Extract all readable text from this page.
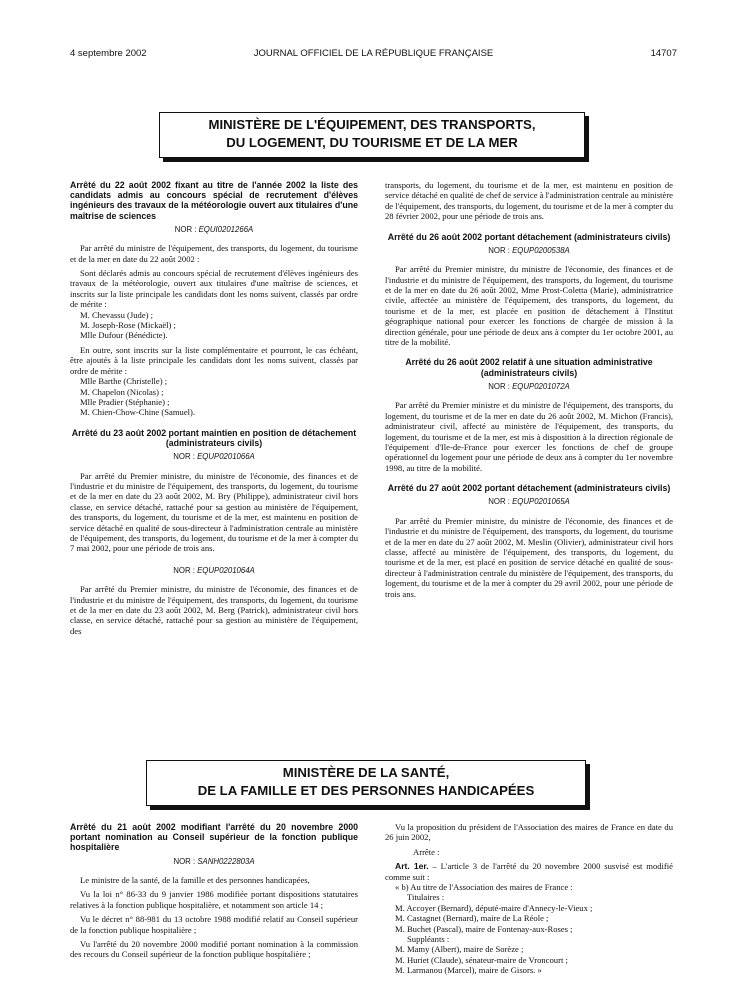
4 septembre 2002	JOURNAL OFFICIEL DE LA RÉPUBLIQUE FRANÇAISE	14707
MINISTÈRE DE L'ÉQUIPEMENT, DES TRANSPORTS,
DU LOGEMENT, DU TOURISME ET DE LA MER
Arrêté du 22 août 2002 fixant au titre de l'année 2002 la liste des candidats admis au concours spécial de recrutement d'élèves ingénieurs des travaux de la météorologie ouvert aux titulaires d'une maîtrise de sciences
NOR : EQUI0201266A

Par arrêté du ministre de l'équipement, des transports, du logement, du tourisme et de la mer en date du 22 août 2002 :

Sont déclarés admis au concours spécial de recrutement d'élèves ingénieurs des travaux de la météorologie, ouvert aux titulaires d'une maîtrise de sciences, et inscrits sur la liste principale les candidats dont les noms suivent, classés par ordre de mérite :

M. Chevassu (Jude) ;

M. Joseph-Rose (Mickaël) ;

Mlle Dufour (Bénédicte).

En outre, sont inscrits sur la liste complémentaire et pourront, le cas échéant, être ajoutés à la liste principale les candidats dont les noms suivent, classés par ordre de mérite :

Mlle Barthe (Christelle) ;

M. Chapelon (Nicolas) ;

Mlle Pradier (Stéphanie) ;

M. Chien-Chow-Chine (Samuel).

Arrêté du 23 août 2002 portant maintien en position de détachement (administrateurs civils)
NOR : EQUP0201066A

Par arrêté du Premier ministre, du ministre de l'économie, des finances et de l'industrie et du ministre de l'équipement, des transports, du logement, du tourisme et de la mer en date du 23 août 2002, M. Bry (Philippe), administrateur civil hors classe, en service détaché, rattaché pour sa gestion au ministère de l'équipement, des transports, du logement, du tourisme et de la mer, est maintenu en position de service détaché en qualité de sous-directeur à l'administration centrale au ministère de l'équipement, des transports, du logement, du tourisme et de la mer à compter du 7 mai 2002, pour une période de trois ans.

NOR : EQUP0201064A

Par arrêté du Premier ministre, du ministre de l'économie, des finances et de l'industrie et du ministre de l'équipement, des transports, du logement, du tourisme et de la mer en date du 23 août 2002, M. Berg (Patrick), administrateur civil hors classe, en service détaché, rattaché pour sa gestion au ministère de l'équipement, des

transports, du logement, du tourisme et de la mer, est maintenu en position de service détaché en qualité de chef de service à l'administration centrale au ministère de l'équipement, des transports, du logement, du tourisme et de la mer à compter du 28 février 2002, pour une période de trois ans.

Arrêté du 26 août 2002 portant détachement (administrateurs civils)
NOR : EQUP0200538A

Par arrêté du Premier ministre, du ministre de l'économie, des finances et de l'industrie et du ministre de l'équipement, des transports, du logement, du tourisme et de la mer en date du 26 août 2002, Mme Prost-Coletta (Marie), administratrice civile, affectée au ministère de l'équipement, des transports, du logement, du tourisme et de la mer, est placée en position de détachement à l'Institut géographique national pour exercer les fonctions de chargée de mission à la direction générale, pour une période de deux ans à compter du 1er octobre 2001, au titre de la mobilité.

Arrêté du 26 août 2002 relatif à une situation administrative (administrateurs civils)
NOR : EQUP0201072A

Par arrêté du Premier ministre et du ministre de l'équipement, des transports, du logement, du tourisme et de la mer en date du 26 août 2002, M. Michon (Francis), administrateur civil, affecté au ministère de l'équipement, des transports, du logement, du tourisme et de la mer, est mis à disposition à la direction régionale de l'équipement d'Ile-de-France pour exercer les fonctions de chef de groupe opérationnel du logement pour une période de deux ans à compter du 1er novembre 1998, au titre de la mobilité.

Arrêté du 27 août 2002 portant détachement (administrateurs civils)
NOR : EQUP0201065A

Par arrêté du Premier ministre, du ministre de l'économie, des finances et de l'industrie et du ministre de l'équipement, des transports, du logement, du tourisme et de la mer en date du 27 août 2002, M. Meslin (Olivier), administrateur civil hors classe, affecté au ministère de l'équipement, des transports, du logement, du tourisme et de la mer, est placé en position de service détaché en qualité de sous-directeur à l'administration centrale du ministère de l'équipement, des transports, du logement, du tourisme et de la mer à compter du 29 avril 2002, pour une période de trois ans.

MINISTÈRE DE LA SANTÉ,
DE LA FAMILLE ET DES PERSONNES HANDICAPÉES
Arrêté du 21 août 2002 modifiant l'arrêté du 20 novembre 2000 portant nomination au Conseil supérieur de la fonction publique hospitalière
NOR : SANH0222803A

Le ministre de la santé, de la famille et des personnes handicapées,

Vu la loi n° 86-33 du 9 janvier 1986 modifiée portant dispositions statutaires relatives à la fonction publique hospitalière, et notamment son article 14 ;

Vu le décret n° 88-981 du 13 octobre 1988 modifié relatif au Conseil supérieur de la fonction publique hospitalière ;

Vu l'arrêté du 20 novembre 2000 modifié portant nomination à la commission des recours du Conseil supérieur de la fonction publique hospitalière ;

Vu la proposition du président de l'Association des maires de France en date du 26 juin 2002,

Arrête :

Art. 1er. – L'article 3 de l'arrêté du 20 novembre 2000 susvisé est modifié comme suit :

« b) Au titre de l'Association des maires de France :

Titulaires :

M. Accoyer (Bernard), député-maire d'Annecy-le-Vieux ;

M. Castagnet (Bernard), maire de La Réole ;

M. Buchet (Pascal), maire de Fontenay-aux-Roses ;

Suppléants :

M. Mamy (Albert), maire de Sorèze ;

M. Huriet (Claude), sénateur-maire de Vroncourt ;

M. Larmanou (Marcel), maire de Gisors. »
